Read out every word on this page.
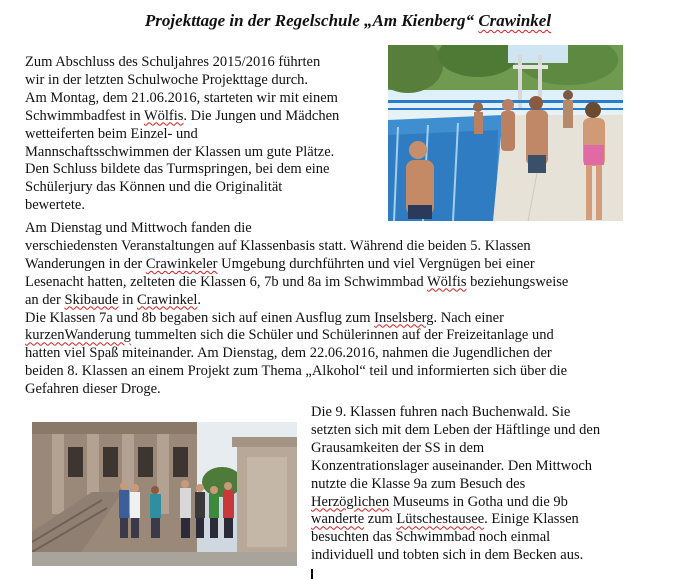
Projekttage in der Regelschule „Am Kienberg“ Crawinkel
Zum Abschluss des Schuljahres 2015/2016 führten
wir in der letzten Schulwoche Projekttage durch.
Am Montag, dem 21.06.2016, starteten wir mit einem
Schwimmbadfest in Wölfis. Die Jungen und Mädchen
wetteiferten beim Einzel- und
Mannschaftsschwimmen der Klassen um gute Plätze.
Den Schluss bildete das Turmspringen, bei dem eine
Schülerjury das Können und die Originalität
bewertete.
Am Dienstag und Mittwoch fanden die
verschiedensten Veranstaltungen auf Klassenbasis statt. Während die beiden 5. Klassen
Wanderungen in der Crawinkeler Umgebung durchführten und viel Vergnügen bei einer
Lesenacht hatten, zelteten die Klassen 6, 7b und 8a im Schwimmbad Wölfis beziehungsweise
an der Skibaude in Crawinkel.
Die Klassen 7a und 8b begaben sich auf einen Ausflug zum Inselsberg. Nach einer
kurzenWanderung tummelten sich die Schüler und Schülerinnen auf der Freizeitanlage und
hatten viel Spaß miteinander. Am Dienstag, dem 22.06.2016, nahmen die Jugendlichen der
beiden 8. Klassen an einem Projekt zum Thema „Alkohol“ teil und informierten sich über die
Gefahren dieser Droge.
Die 9. Klassen fuhren nach Buchenwald. Sie
setzten sich mit dem Leben der Häftlinge und den
Grausamkeiten der SS in dem
Konzentrationslager auseinander. Den Mittwoch
nutzte die Klasse 9a zum Besuch des
Herzöglichen Museums in Gotha und die 9b
wanderte zum Lütschestausee. Einige Klassen
besuchten das Schwimmbad noch einmal
individuell und tobten sich in dem Becken aus.
